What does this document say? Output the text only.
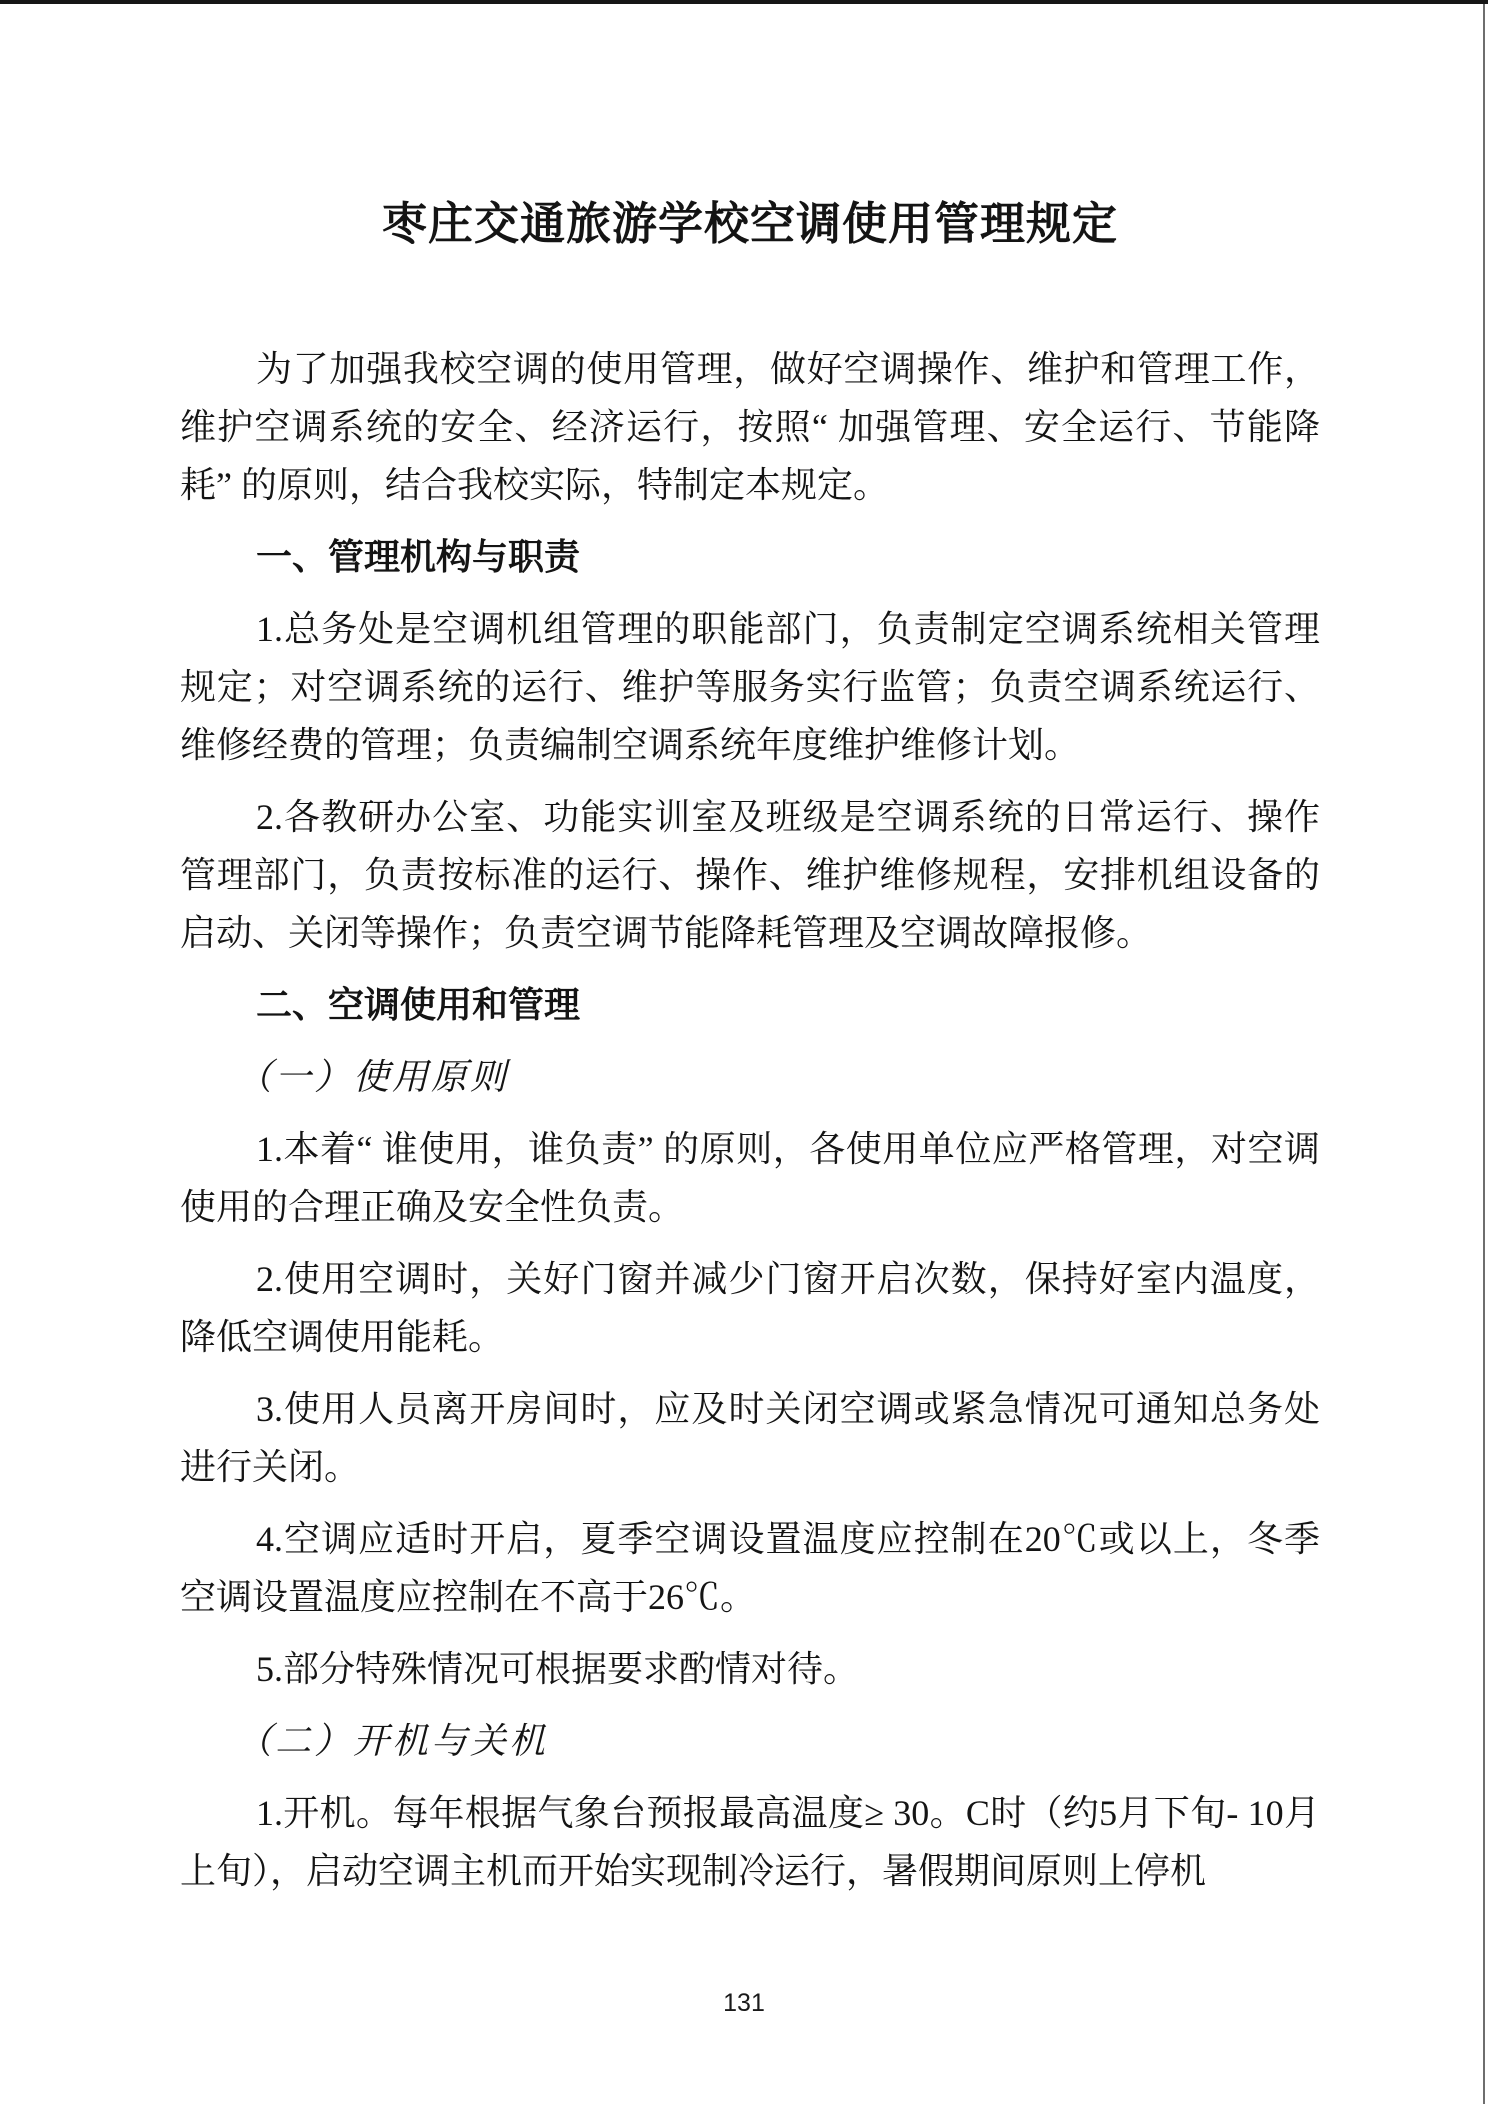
枣庄交通旅游学校空调使用管理规定

为了加强我校空调的使用管理，做好空调操作、维护和管理工作，维护空调系统的安全、经济运行，按照“ 加强管理、安全运行、节能降耗” 的原则，结合我校实际，特制定本规定。

一、管理机构与职责

1.总务处是空调机组管理的职能部门，负责制定空调系统相关管理规定；对空调系统的运行、维护等服务实行监管；负责空调系统运行、维修经费的管理；负责编制空调系统年度维护维修计划。

2.各教研办公室、功能实训室及班级是空调系统的日常运行、操作管理部门，负责按标准的运行、操作、维护维修规程，安排机组设备的启动、关闭等操作；负责空调节能降耗管理及空调故障报修。

二、空调使用和管理

（一）使用原则

1.本着“ 谁使用，谁负责” 的原则，各使用单位应严格管理，对空调使用的合理正确及安全性负责。

2.使用空调时，关好门窗并减少门窗开启次数，保持好室内温度，降低空调使用能耗。

3.使用人员离开房间时，应及时关闭空调或紧急情况可通知总务处进行关闭。

4.空调应适时开启，夏季空调设置温度应控制在20℃或以上，冬季空调设置温度应控制在不高于26℃。

5.部分特殊情况可根据要求酌情对待。

（二）开机与关机

1.开机。每年根据气象台预报最高温度≥ 30。C时（约5月下旬- 10月上旬），启动空调主机而开始实现制冷运行，暑假期间原则上停机

131
